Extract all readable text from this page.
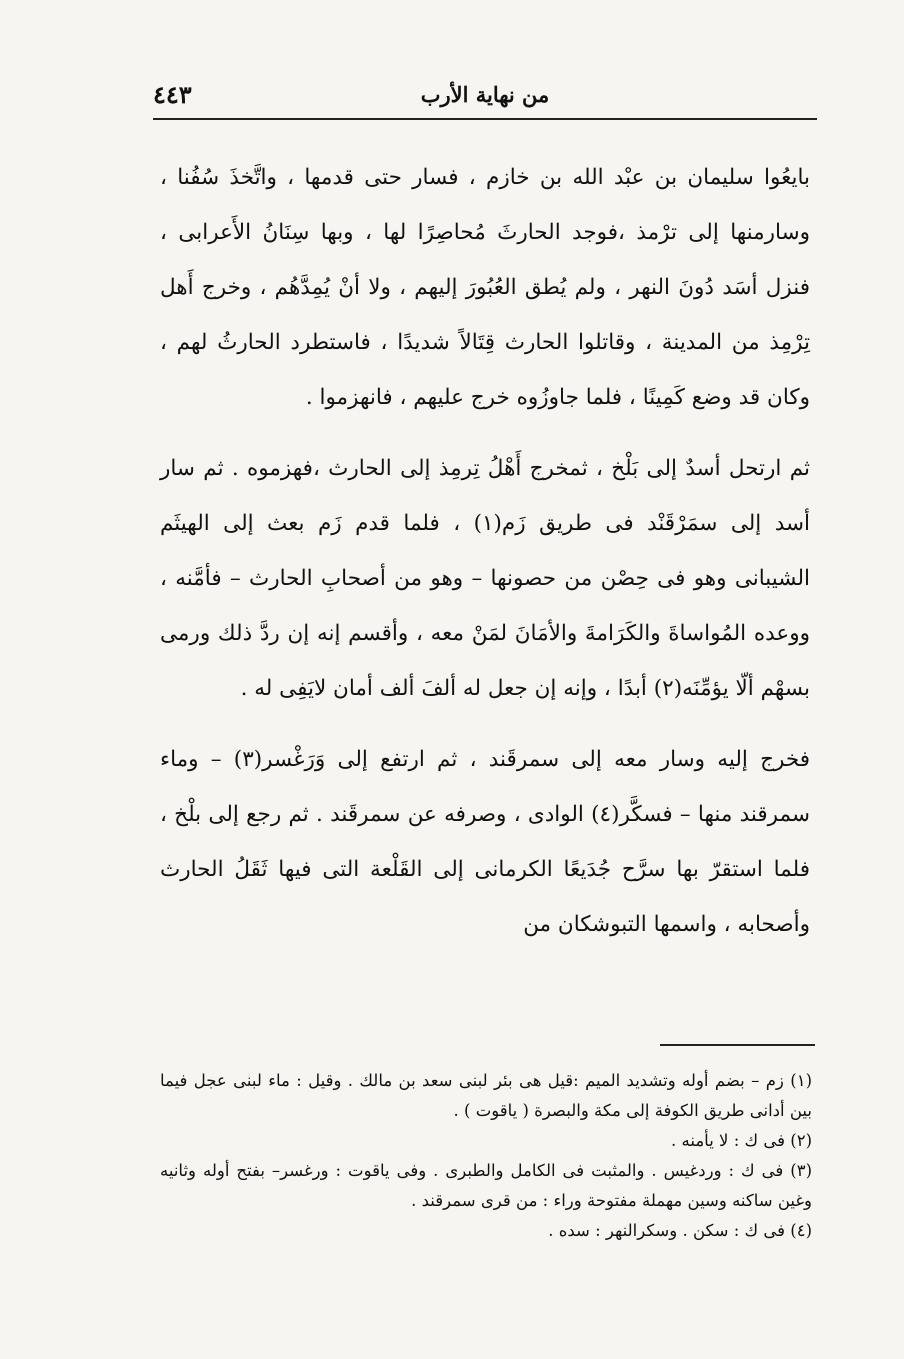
من نهاية الأرب
٤٤٣

بايعُوا سليمان بن عبْد الله بن خازم ، فسار حتى قدمها ، واتَّخذَ سُفُنا ، وسارمنها إلى ترْمذ ،فوجد الحارثَ مُحاصِرًا لها ، وبها سِنَانُ الأَعرابى ، فنزل أسَد دُونَ النهر ، ولم يُطق العُبُورَ إليهم ، ولا أنْ يُمِدَّهُم ، وخرج أَهل تِرْمِذ من المدينة ، وقاتلوا الحارث قِتَالاً شديدًا ، فاستطرد الحارثُ لهم ، وكان قد وضع كَمِينًا ، فلما جاوزُوه خرج عليهم ، فانهزموا .

ثم ارتحل أسدٌ إلى بَلْخ ، ثمخرج أَهْلُ تِرمِذ إلى الحارث ،فهزموه . ثم سار أسد إلى سمَرْقَنْد فى طريق زَم(١) ، فلما قدم زَم بعث إلى الهيثَم الشيبانى وهو فى حِصْن من حصونها – وهو من أصحابِ الحارث – فأمَّنه ، ووعده المُواساةَ والكَرَامةَ والأمَانَ لمَنْ معه ، وأقسم إنه إن ردَّ ذلك ورمى بسهْم ألّا يؤمِّنَه(٢) أبدًا ، وإنه إن جعل له ألفَ ألف أمان لايَفِى له .

فخرج إليه وسار معه إلى سمرقَند ، ثم ارتفع إلى وَرَغْسر(٣) – وماء سمرقند منها – فسكَّر(٤) الوادى ، وصرفه عن سمرقَند . ثم رجع إلى بلْخ ، فلما استقرّ بها سرَّح جُدَيعًا الكرمانى إلى القَلْعة التى فيها ثَقَلُ الحارث وأصحابه ، واسمها التبوشكان من

(١) زم – بضم أوله وتشديد الميم :قيل هى بئر لبنى سعد بن مالك . وقيل : ماء لبنى عجل فيما بين أدانى طريق الكوفة إلى مكة والبصرة ( ياقوت ) .

(٢) فى ك : لا يأمنه .

(٣) فى ك : وردغيس . والمثبت فى الكامل والطبرى . وفى ياقوت : ورغسر– بفتح أوله وثانيه وغين ساكنه وسين مهملة مفتوحة وراء : من قرى سمرقند .

(٤) فى ك : سكن . وسكرالنهر : سده .
